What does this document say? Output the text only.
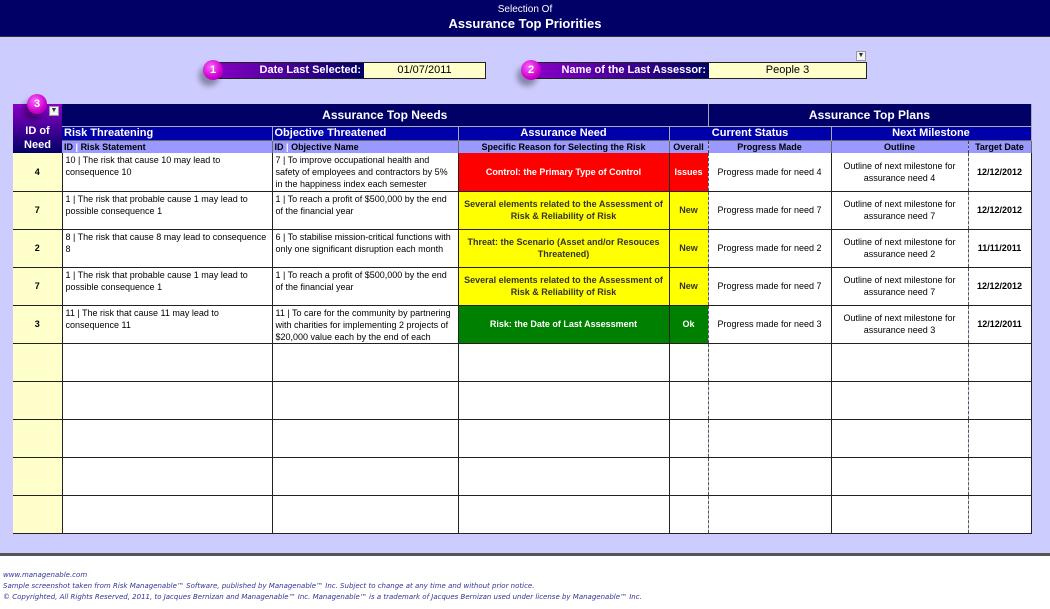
Selection Of
Assurance Top Priorities
Date Last Selected:	01/07/2011
1	Name of the Last Assessor:	People 3
2
▼
ID of Need	Assurance Top Needs				Assurance Top Plans		
	Risk Threatening	Objective Threatened	Assurance Need	Current Status		Next Milestone	
	ID | Risk Statement	ID | Objective Name	Specific Reason for Selecting the Risk	Overall	Progress Made	Outline	Target Date
4	10 | The risk that cause 10 may lead to consequence 10	7 | To improve occupational health and safety of employees and contractors by 5% in the happiness index each semester	Control: the Primary Type of Control	Issues	Progress made for need 4	Outline of next milestone for assurance need 4	12/12/2012
7	1 | The risk that probable cause 1 may lead to possible consequence 1	1 | To reach a profit of $500,000 by the end of the financial year	Several elements related to the Assessment of Risk & Reliability of Risk	New	Progress made for need 7	Outline of next milestone for assurance need 7	12/12/2012
2	8 | The risk that cause 8 may lead to consequence 8	6 | To stabilise mission-critical functions with only one significant disruption each month	Threat: the Scenario (Asset and/or Resouces Threatened)	New	Progress made for need 2	Outline of next milestone for assurance need 2	11/11/2011
7	1 | The risk that probable cause 1 may lead to possible consequence 1	1 | To reach a profit of $500,000 by the end of the financial year	Several elements related to the Assessment of Risk & Reliability of Risk	New	Progress made for need 7	Outline of next milestone for assurance need 7	12/12/2012
3	11 | The risk that cause 11 may lead to consequence 11	11 | To care for the community by partnering with charities for implementing 2 projects of $20,000 value each by the end of each	Risk: the Date of Last Assessment	Ok	Progress made for need 3	Outline of next milestone for assurance need 3	12/12/2011

3
▼
www.managenable.com
Sample screenshot taken from Risk Managenable™ Software, published by Managenable™ Inc. Subject to change at any time and without prior notice.
© Copyrighted, All Rights Reserved, 2011, to Jacques Bernizan and Managenable™ Inc. Managenable™ is a trademark of Jacques Bernizan used under license by Managenable™ Inc.
